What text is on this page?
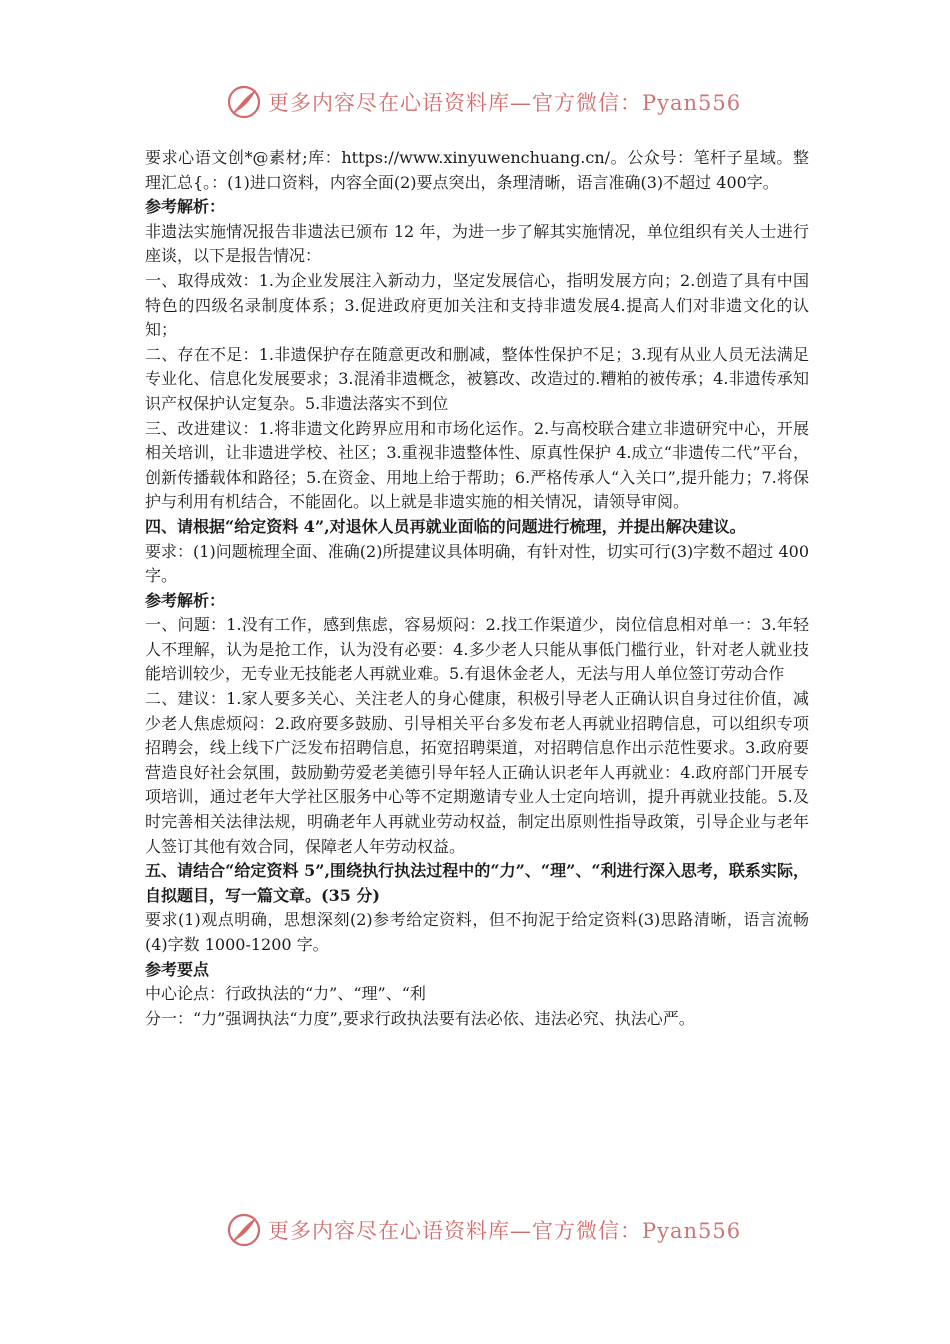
更多内容尽在心语资料库—官方微信：Pyan556

要求心语文创*@素材;库：https://www.xinyuwenchuang.cn/。公众号：笔杆子星域。整理汇总{。：(1)进口资料，内容全面(2)要点突出，条理清晰，语言准确(3)不超过 400字。

参考解析：

非遗法实施情况报告非遗法已颁布 12 年，为进一步了解其实施情况，单位组织有关人士进行座谈，以下是报告情况：

一、取得成效：1.为企业发展注入新动力，坚定发展信心，指明发展方向；2.创造了具有中国特色的四级名录制度体系；3.促进政府更加关注和支持非遗发展4.提高人们对非遗文化的认知；

二、存在不足：1.非遗保护存在随意更改和删减，整体性保护不足；3.现有从业人员无法满足专业化、信息化发展要求；3.混淆非遗概念，被篡改、改造过的.糟粕的被传承；4.非遗传承知识产权保护认定复杂。5.非遗法落实不到位

三、改进建议：1.将非遗文化跨界应用和市场化运作。2.与高校联合建立非遗研究中心，开展相关培训，让非遗进学校、社区；3.重视非遗整体性、原真性保护 4.成立“非遗传二代”平台，创新传播载体和路径；5.在资金、用地上给于帮助；6.严格传承人“入关口”,提升能力；7.将保护与利用有机结合，不能固化。以上就是非遗实施的相关情况，请领导审阅。

四、请根据“给定资料 4”,对退休人员再就业面临的问题进行梳理，并提出解决建议。

要求：(1)问题梳理全面、准确(2)所提建议具体明确，有针对性，切实可行(3)字数不超过 400 字。

参考解析：

一、问题：1.没有工作，感到焦虑，容易烦闷：2.找工作渠道少，岗位信息相对单一：3.年轻人不理解，认为是抢工作，认为没有必要：4.多少老人只能从事低门槛行业，针对老人就业技能培训较少，无专业无技能老人再就业难。5.有退休金老人，无法与用人单位签订劳动合作

二、建议：1.家人要多关心、关注老人的身心健康，积极引导老人正确认识自身过往价值，减少老人焦虑烦闷：2.政府要多鼓励、引导相关平台多发布老人再就业招聘信息，可以组织专项招聘会，线上线下广泛发布招聘信息，拓宽招聘渠道，对招聘信息作出示范性要求。3.政府要营造良好社会氛围，鼓励勤劳爱老美德引导年轻人正确认识老年人再就业：4.政府部门开展专项培训，通过老年大学社区服务中心等不定期邀请专业人士定向培训，提升再就业技能。5.及时完善相关法律法规，明确老年人再就业劳动权益，制定出原则性指导政策，引导企业与老年人签订其他有效合同，保障老人年劳动权益。

五、请结合“给定资料 5”,围绕执行执法过程中的“力”、“理”、“利进行深入思考，联系实际，自拟题目，写一篇文章。(35 分)

要求(1)观点明确，思想深刻(2)参考给定资料，但不拘泥于给定资料(3)思路清晰，语言流畅(4)字数 1000-1200 字。

参考要点

中心论点：行政执法的“力”、“理”、“利

分一：“力”强调执法“力度”,要求行政执法要有法必依、违法必究、执法心严。

更多内容尽在心语资料库—官方微信：Pyan556
